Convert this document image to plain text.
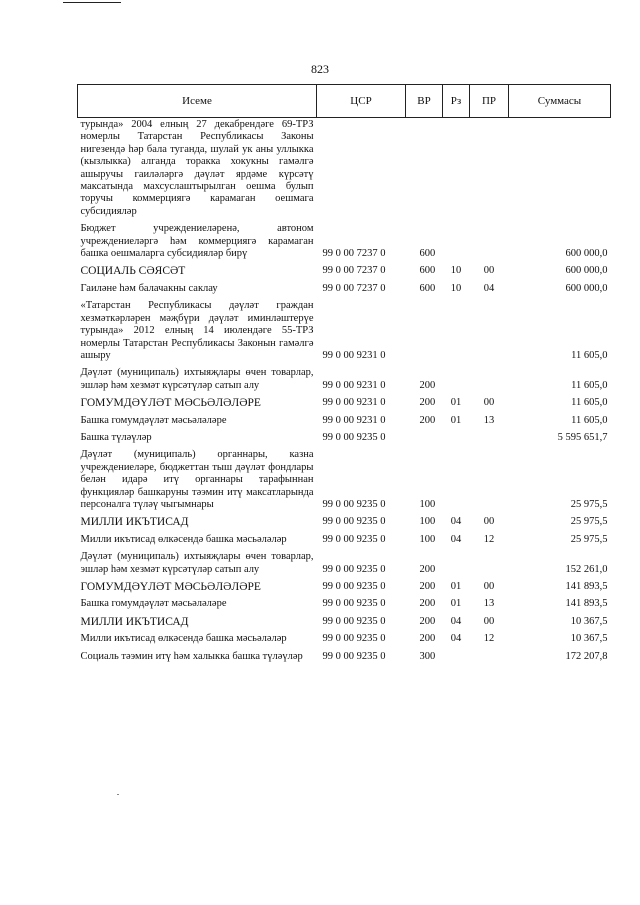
823
Исеме	ЦСР	ВР	Рз	ПР	Суммасы
турында» 2004 елның 27 декабрендәге 69-ТРЗ номерлы Татарстан Республикасы Законы нигезендә һәр бала туганда, шулай ук аны уллыкка (кызлыкка) алганда торакка хокукны гамәлгә ашыручы гаиләләргә дәүләт ярдәме күрсәтү максатында махсуслаштырылган оешма булып торучы коммерциягә карамаган оешмага субсидияләр					
Бюджет учреждениеләренә, автоном учреждениеләргә һәм коммерциягә карамаган башка оешмаларга субсидияләр бирү	99 0 00 7237 0	600			600 000,0
СОЦИАЛЬ СӘЯСӘТ	99 0 00 7237 0	600	10	00	600 000,0
Гаиләне һәм балачакны саклау	99 0 00 7237 0	600	10	04	600 000,0
«Татарстан Республикасы дәүләт граждан хезмәткәрләрен мәҗбүри дәүләт иминләштерүе турында» 2012 елның 14 июлендәге 55-ТРЗ номерлы Татарстан Республикасы Законын гамәлгә ашыру	99 0 00 9231 0				11 605,0
Дәүләт (муниципаль) ихтыяҗлары өчен товарлар, эшләр һәм хезмәт күрсәтүләр сатып алу	99 0 00 9231 0	200			11 605,0
ГОМУМДӘҮЛӘТ МӘСЬӘЛӘЛӘРЕ	99 0 00 9231 0	200	01	00	11 605,0
Башка гомумдәүләт мәсьәләләре	99 0 00 9231 0	200	01	13	11 605,0
Башка түләүләр	99 0 00 9235 0				5 595 651,7
Дәүләт (муниципаль) органнары, казна учреждениеләре, бюджеттан тыш дәүләт фондлары белән идарә итү органнары тарафыннан функцияләр башкаруны тәэмин итү максатларында персоналга түләү чыгымнары	99 0 00 9235 0	100			25 975,5
МИЛЛИ ИКЪТИСАД	99 0 00 9235 0	100	04	00	25 975,5
Милли икътисад өлкәсендә башка мәсьәләләр	99 0 00 9235 0	100	04	12	25 975,5
Дәүләт (муниципаль) ихтыяҗлары өчен товарлар, эшләр һәм хезмәт күрсәтүләр сатып алу	99 0 00 9235 0	200			152 261,0
ГОМУМДӘҮЛӘТ МӘСЬӘЛӘЛӘРЕ	99 0 00 9235 0	200	01	00	141 893,5
Башка гомумдәүләт мәсьәләләре	99 0 00 9235 0	200	01	13	141 893,5
МИЛЛИ ИКЪТИСАД	99 0 00 9235 0	200	04	00	10 367,5
Милли икътисад өлкәсендә башка мәсьәләләр	99 0 00 9235 0	200	04	12	10 367,5
Социаль тәэмин итү һәм халыкка башка түләүләр	99 0 00 9235 0	300			172 207,8
